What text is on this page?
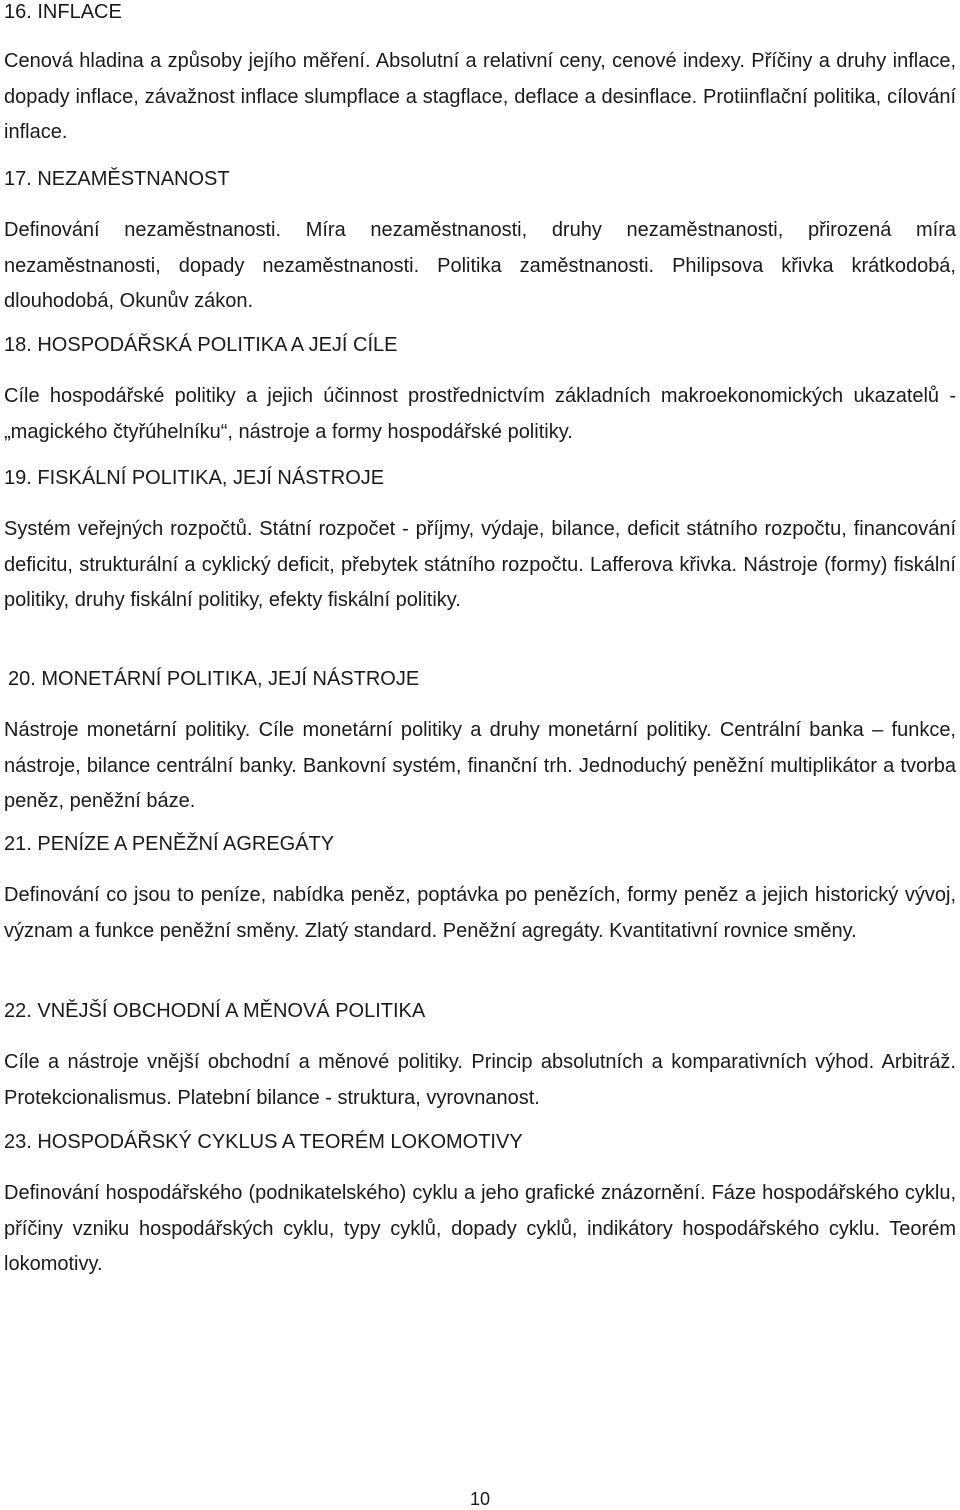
16. INFLACE

Cenová hladina a způsoby jejího měření. Absolutní a relativní ceny, cenové indexy. Příčiny a druhy inflace, dopady inflace, závažnost inflace slumpflace a stagflace, deflace a desinflace. Protiinflační politika, cílování inflace.

17. NEZAMĚSTNANOST

Definování nezaměstnanosti. Míra nezaměstnanosti, druhy nezaměstnanosti, přirozená míra nezaměstnanosti, dopady nezaměstnanosti. Politika zaměstnanosti. Philipsova křivka krátkodobá, dlouhodobá, Okunův zákon.

18. HOSPODÁŘSKÁ POLITIKA A JEJÍ CÍLE

Cíle hospodářské politiky a jejich účinnost prostřednictvím základních makroekonomických ukazatelů - „magického čtyřúhelníku“, nástroje a formy hospodářské politiky.

19. FISKÁLNÍ POLITIKA, JEJÍ NÁSTROJE

Systém veřejných rozpočtů. Státní rozpočet - příjmy, výdaje, bilance, deficit státního rozpočtu, financování deficitu, strukturální a cyklický deficit, přebytek státního rozpočtu. Lafferova křivka. Nástroje (formy) fiskální politiky, druhy fiskální politiky, efekty fiskální politiky.

20. MONETÁRNÍ POLITIKA, JEJÍ NÁSTROJE

Nástroje monetární politiky. Cíle monetární politiky a druhy monetární politiky. Centrální banka – funkce, nástroje, bilance centrální banky. Bankovní systém, finanční trh. Jednoduchý peněžní multiplikátor a tvorba peněz, peněžní báze.

21. PENÍZE A PENĚŽNÍ AGREGÁTY

Definování co jsou to peníze, nabídka peněz, poptávka po penězích, formy peněz a jejich historický vývoj, význam a funkce peněžní směny. Zlatý standard. Peněžní agregáty. Kvantitativní rovnice směny.

22. VNĚJŠÍ OBCHODNÍ A MĚNOVÁ POLITIKA

Cíle a nástroje vnější obchodní a měnové politiky. Princip absolutních a komparativních výhod. Arbitráž. Protekcionalismus. Platební bilance - struktura, vyrovnanost.

23. HOSPODÁŘSKÝ CYKLUS A TEORÉM LOKOMOTIVY

Definování hospodářského (podnikatelského) cyklu a jeho grafické znázornění. Fáze hospodářského cyklu, příčiny vzniku hospodářských cyklu, typy cyklů, dopady cyklů, indikátory hospodářského cyklu. Teorém lokomotivy.

10
